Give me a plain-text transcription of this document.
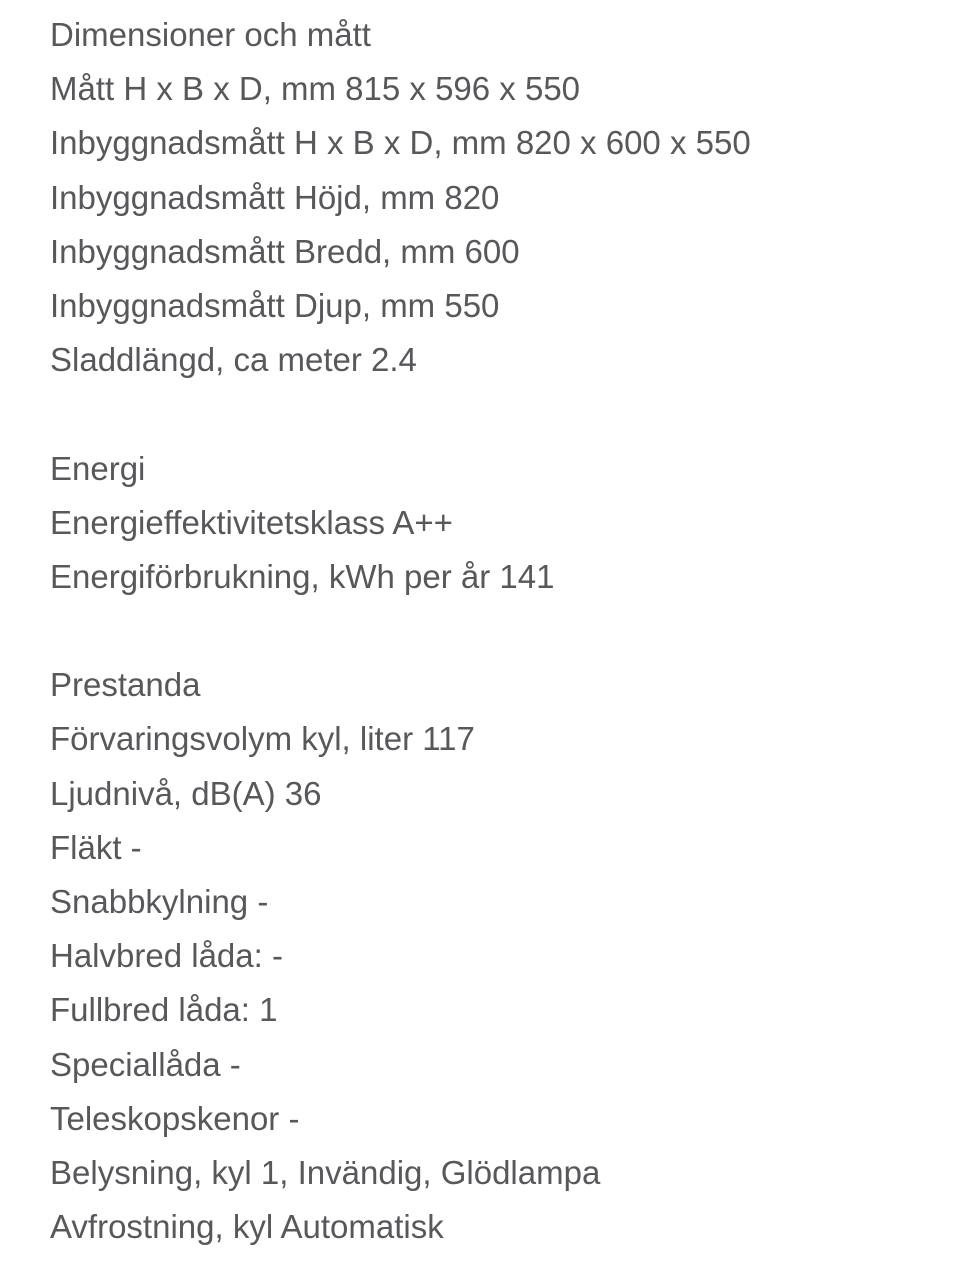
Dimensioner och mått
Mått H x B x D, mm 815 x 596 x 550
Inbyggnadsmått H x B x D, mm 820 x 600 x 550
Inbyggnadsmått Höjd, mm 820
Inbyggnadsmått Bredd, mm 600
Inbyggnadsmått Djup, mm 550
Sladdlängd, ca meter 2.4
Energi
Energieffektivitetsklass A++
Energiförbrukning, kWh per år 141
Prestanda
Förvaringsvolym kyl, liter 117
Ljudnivå, dB(A) 36
Fläkt -
Snabbkylning -
Halvbred låda: -
Fullbred låda: 1
Speciallåda -
Teleskopskenor -
Belysning, kyl 1, Invändig, Glödlampa
Avfrostning, kyl Automatisk
